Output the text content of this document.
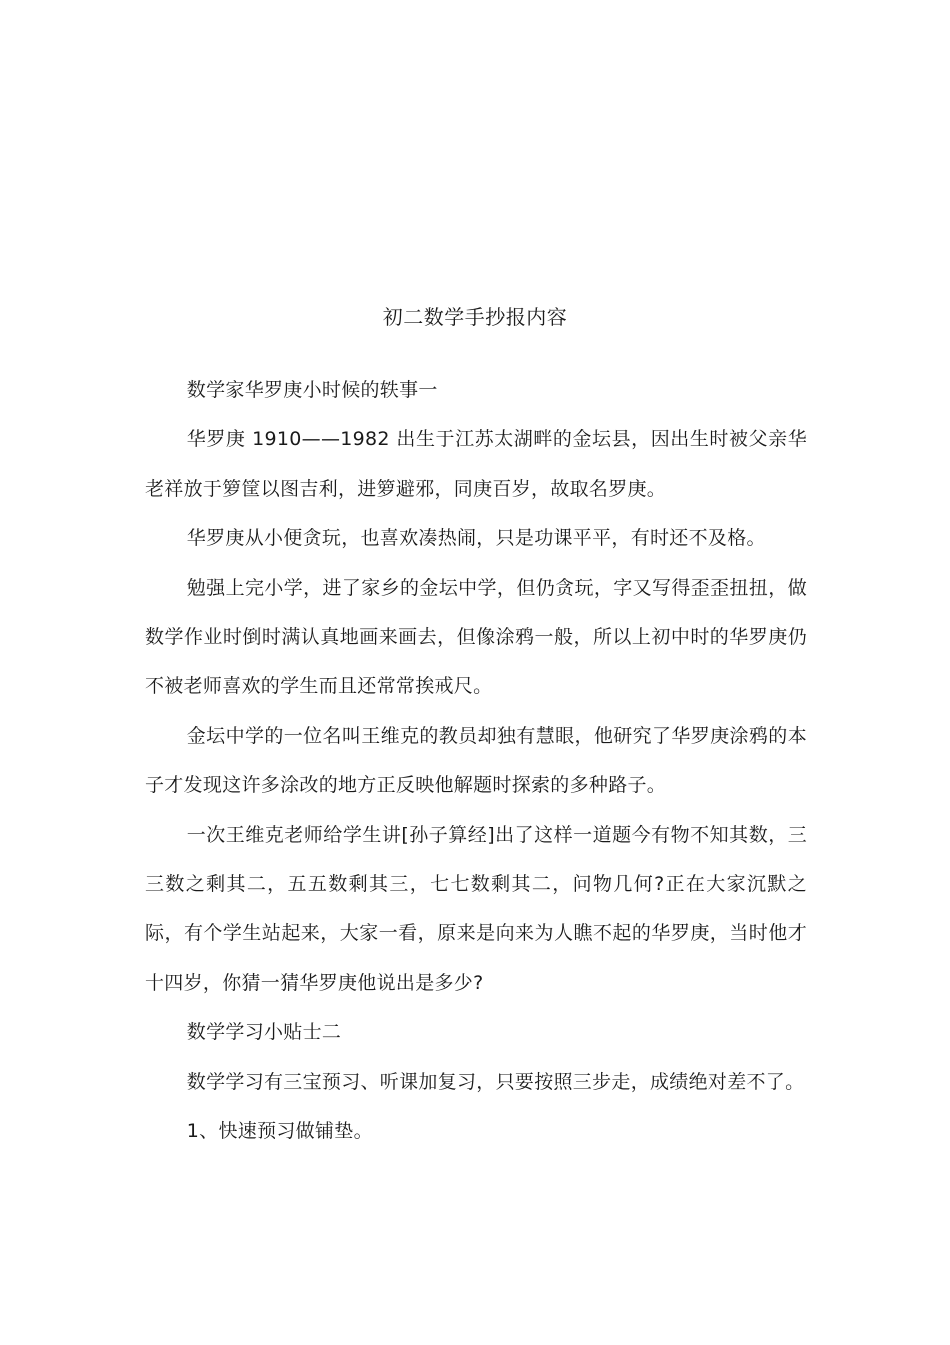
初二数学手抄报内容

数学家华罗庚小时候的轶事一

华罗庚 1910——1982 出生于江苏太湖畔的金坛县，因出生时被父亲华老祥放于箩筐以图吉利，进箩避邪，同庚百岁，故取名罗庚。

华罗庚从小便贪玩，也喜欢凑热闹，只是功课平平，有时还不及格。

勉强上完小学，进了家乡的金坛中学，但仍贪玩，字又写得歪歪扭扭，做数学作业时倒时满认真地画来画去，但像涂鸦一般，所以上初中时的华罗庚仍不被老师喜欢的学生而且还常常挨戒尺。

金坛中学的一位名叫王维克的教员却独有慧眼，他研究了华罗庚涂鸦的本子才发现这许多涂改的地方正反映他解题时探索的多种路子。

一次王维克老师给学生讲[孙子算经]出了这样一道题今有物不知其数，三三数之剩其二，五五数剩其三，七七数剩其二，问物几何?正在大家沉默之际，有个学生站起来，大家一看，原来是向来为人瞧不起的华罗庚，当时他才十四岁，你猜一猜华罗庚他说出是多少?

数学学习小贴士二

数学学习有三宝预习、听课加复习，只要按照三步走，成绩绝对差不了。

1、快速预习做铺垫。
